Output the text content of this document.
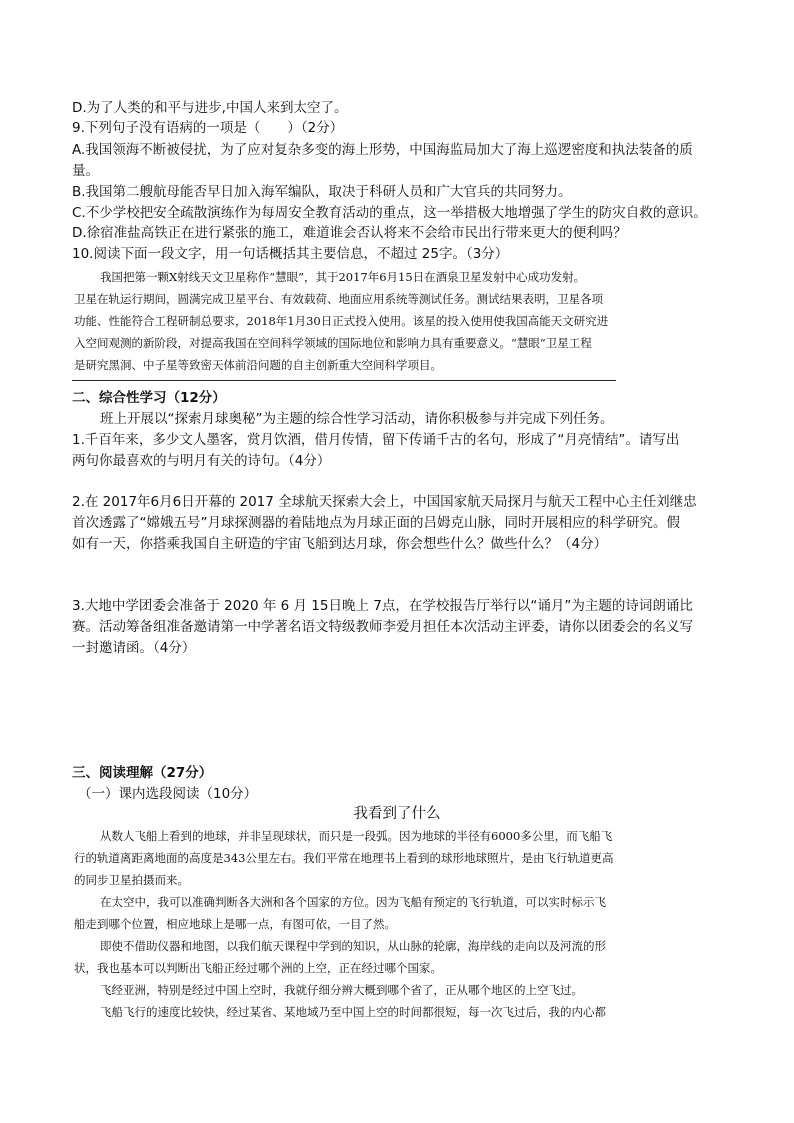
D.为了人类的和平与进步,中国人来到太空了。
9.下列句子没有语病的一项是（　　）（2分）
A.我国领海不断被侵扰，为了应对复杂多变的海上形势，中国海监局加大了海上巡逻密度和执法装备的质
量。
B.我国第二艘航母能否早日加入海军编队，取决于科研人员和广大官兵的共同努力。
C.不少学校把安全疏散演练作为每周安全教育活动的重点，这一举措极大地增强了学生的防灾自救的意识。
D.徐宿准盐高铁正在进行紧张的施工，难道谁会否认将来不会给市民出行带来更大的便利吗？
10.阅读下面一段文字，用一句话概括其主要信息，不超过 25字。（3分）
我国把第一颗X射线天文卫星称作“慧眼”，其于2017年6月15日在酒泉卫星发射中心成功发射。
卫星在轨运行期间，圆满完成卫星平台、有效载荷、地面应用系统等测试任务。测试结果表明，卫星各项
功能、性能符合工程研制总要求，2018年1月30日正式投入使用。该星的投入使用使我国高能天文研究进
入空间观测的新阶段，对提高我国在空间科学领域的国际地位和影响力具有重要意义。“慧眼”卫星工程
是研究黑洞、中子星等致密天体前沿问题的自主创新重大空间科学项目。
二、综合性学习（12分）
班上开展以“探索月球奥秘”为主题的综合性学习活动，请你积极参与并完成下列任务。
1.千百年来，多少文人墨客，赏月饮酒，借月传情，留下传诵千古的名句，形成了“月亮情结”。请写出
两句你最喜欢的与明月有关的诗句。（4分）
2.在 2017年6月6日开幕的 2017 全球航天探索大会上，中国国家航天局探月与航天工程中心主任刘继忠
首次透露了“嫦娥五号”月球探测器的着陆地点为月球正面的吕姆克山脉，同时开展相应的科学研究。假
如有一天，你搭乘我国自主研造的宇宙飞船到达月球，你会想些什么？做些什么？（4分）
3.大地中学团委会准备于 2020 年 6 月 15日晚上 7点，在学校报告厅举行以“诵月”为主题的诗词朗诵比
赛。活动筹备组准备邀请第一中学著名语文特级教师李爱月担任本次活动主评委，请你以团委会的名义写
一封邀请函。（4分）
三、阅读理解（27分）
（一）课内选段阅读（10分）
我看到了什么
从数人飞船上看到的地球，并非呈现球状，而只是一段弧。因为地球的半径有6000多公里，而飞船飞
行的轨道离距离地面的高度是343公里左右。我们平常在地理书上看到的球形地球照片，是由飞行轨道更高
的同步卫星拍摄而来。
在太空中，我可以准确判断各大洲和各个国家的方位。因为飞船有预定的飞行轨道，可以实时标示飞
船走到哪个位置，相应地球上是哪一点，有图可依，一目了然。
即使不借助仪器和地图，以我们航天课程中学到的知识，从山脉的轮廓，海岸线的走向以及河流的形
状，我也基本可以判断出飞船正经过哪个洲的上空，正在经过哪个国家。
飞经亚洲，特别是经过中国上空时，我就仔细分辨大概到哪个省了，正从哪个地区的上空飞过。
飞船飞行的速度比较快，经过某省、某地域乃至中国上空的时间都很短，每一次飞过后，我的内心都
